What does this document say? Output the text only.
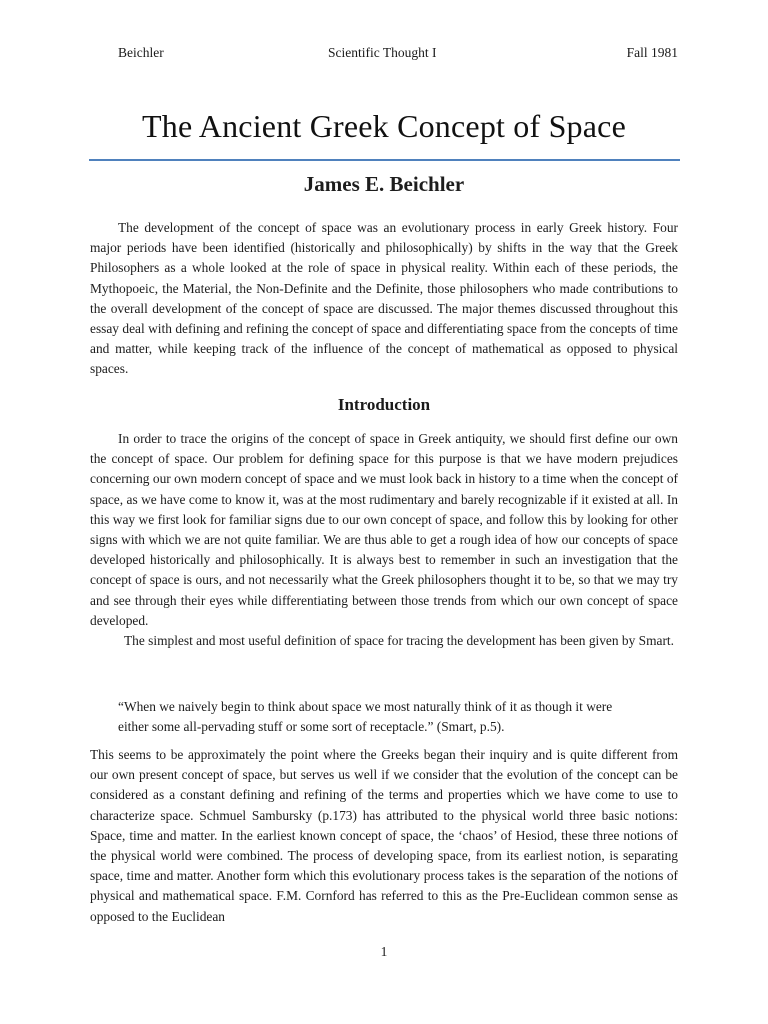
Beichler	Scientific Thought I	Fall 1981
The Ancient Greek Concept of Space
James E. Beichler

The development of the concept of space was an evolutionary process in early Greek history. Four major periods have been identified (historically and philosophically) by shifts in the way that the Greek Philosophers as a whole looked at the role of space in physical reality. Within each of these periods, the Mythopoeic, the Material, the Non-Definite and the Definite, those philosophers who made contributions to the overall development of the concept of space are discussed. The major themes discussed throughout this essay deal with defining and refining the concept of space and differentiating space from the concepts of time and matter, while keeping track of the influence of the concept of mathematical as opposed to physical spaces.

Introduction

In order to trace the origins of the concept of space in Greek antiquity, we should first define our own the concept of space. Our problem for defining space for this purpose is that we have modern prejudices concerning our own modern concept of space and we must look back in history to a time when the concept of space, as we have come to know it, was at the most rudimentary and barely recognizable if it existed at all. In this way we first look for familiar signs due to our own concept of space, and follow this by looking for other signs with which we are not quite familiar. We are thus able to get a rough idea of how our concepts of space developed historically and philosophically. It is always best to remember in such an investigation that the concept of space is ours, and not necessarily what the Greek philosophers thought it to be, so that we may try and see through their eyes while differentiating between those trends from which our own concept of space developed.

The simplest and most useful definition of space for tracing the development has been given by Smart.

“When we naively begin to think about space we most naturally think of it as though it were either some all-pervading stuff or some sort of receptacle.” (Smart, p.5).

This seems to be approximately the point where the Greeks began their inquiry and is quite different from our own present concept of space, but serves us well if we consider that the evolution of the concept can be considered as a constant defining and refining of the terms and properties which we have come to use to characterize space. Schmuel Sambursky (p.173) has attributed to the physical world three basic notions: Space, time and matter. In the earliest known concept of space, the ‘chaos’ of Hesiod, these three notions of the physical world were combined. The process of developing space, from its earliest notion, is separating space, time and matter. Another form which this evolutionary process takes is the separation of the notions of physical and mathematical space. F.M. Cornford has referred to this as the Pre-Euclidean common sense as opposed to the Euclidean

1
